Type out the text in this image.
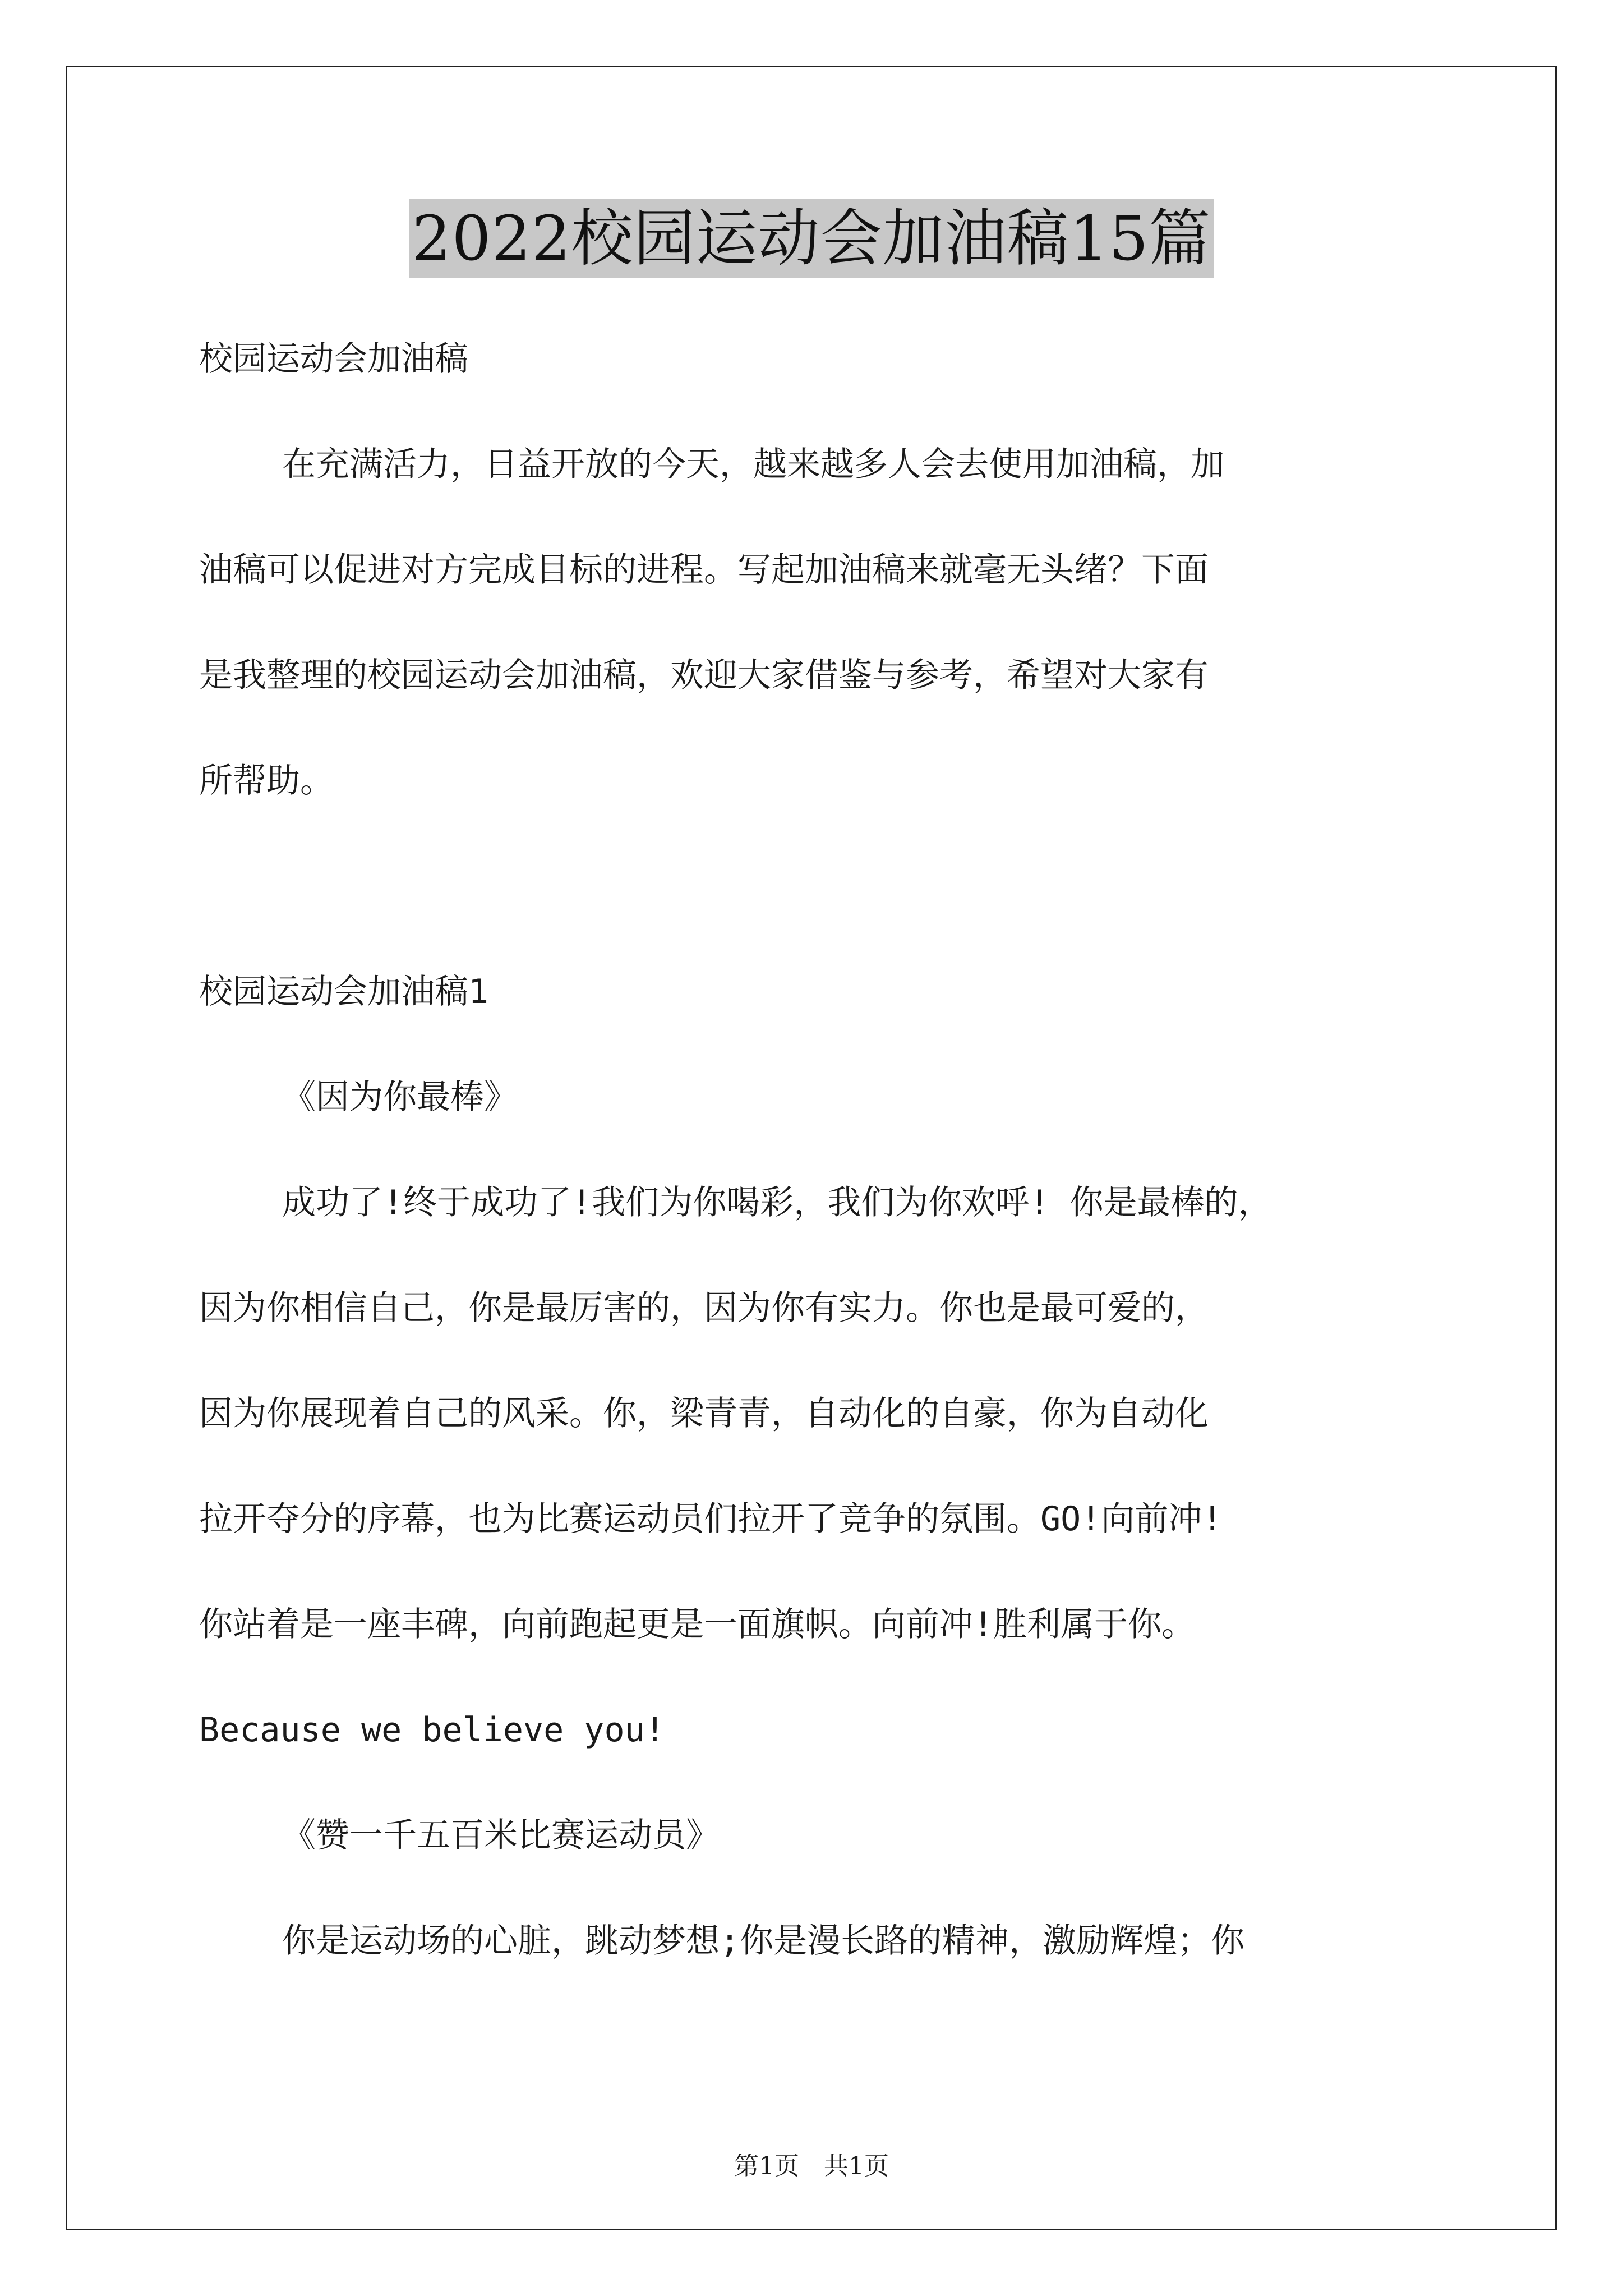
2022校园运动会加油稿15篇
校园运动会加油稿
在充满活力，日益开放的今天，越来越多人会去使用加油稿，加
油稿可以促进对方完成目标的进程。写起加油稿来就毫无头绪？下面
是我整理的校园运动会加油稿，欢迎大家借鉴与参考，希望对大家有
所帮助。
校园运动会加油稿1
《因为你最棒》
成功了!终于成功了!我们为你喝彩，我们为你欢呼! 你是最棒的，
因为你相信自己，你是最厉害的，因为你有实力。你也是最可爱的，
因为你展现着自己的风采。你，梁青青，自动化的自豪，你为自动化
拉开夺分的序幕，也为比赛运动员们拉开了竞争的氛围。GO!向前冲!
你站着是一座丰碑，向前跑起更是一面旗帜。向前冲!胜利属于你。
Because we believe you!
《赞一千五百米比赛运动员》
你是运动场的心脏，跳动梦想;你是漫长路的精神，激励辉煌；你
第1页 共1页
